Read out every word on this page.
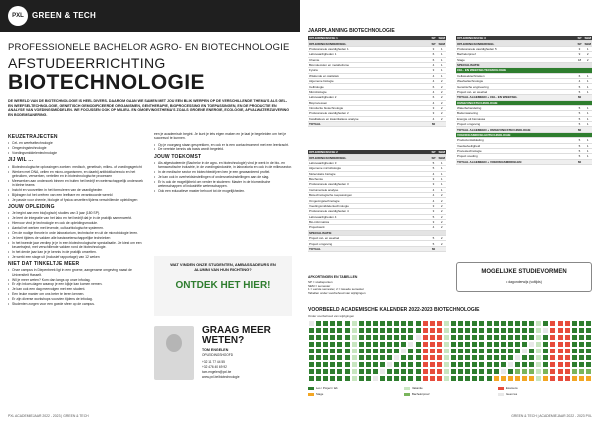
PXL	GREEN & TECH
PROFESSIONELE BACHELOR AGRO- EN BIOTECHNOLOGIE
AFSTUDEERRICHTING
BIOTECHNOLOGIE
DE WERELD VAN DE BIOTECHNOLOGIE IS HEEL DIVERS. DAAROM GAAN WE SAMEN MET JOU EEN BLIK WERPEN OP DE VERSCHILLENDE THEMA'S ALS GEL- EN WEEFSELTECHNOLOGIE, GENETISCH GEMODIFICEERDE ORGANISMEN, GENTHERAPIE, BIOPROCESSING EN TOEPASSINGEN, EN DE PRODUCTIE EN ANALYSE VAN VOEDINGSMIDDELEN. WE FOCUSSEN OOK OP MILIEU- EN OMGEVINGSTHEMA'S ZOALS GROENE ENERGIE, ECOLOGIE, AFVALWATERZUIVERING EN BODEMSANERING.
KEUZETRAJECTEN
• Cel- en weefseltechnologie
• Omgevingstechnologie
• Voedingsmiddelentechnologie
JIJ WIL ...
• Biotechnologische oplossingen zoeken: medisch, genetisch, milieu- of voedingsgericht
• Werken met DNA, cellen en micro-organismen, en daarbij antibiotika/rexcio en het gebruiken, verwerken, vertellen en in biotechnologische processen
• Meewerken aan onderzoek binnen en buiten het bedrijf en wetenschappelijk onderzoek in kleine teams
• Inzicht en voorzetten in het formuleren van de vaardigheden
• Bijdragen tot het creëren van een leefbare en verantwoorde wereld
• Je passie voor chemie, biologie of fysica omzetten tijdens verschillende opleidingen
JOUW OPLEIDING
• Je begint aan een bio(logisch) studies van 3 jaar (180 SP).
• Je leert de integratie van het labo en het bedrijf dat je in de praktijk samenwerkt.
• Hiervoor vind je technologie en ook de opleidingsmodule.
• Aantal het werken met levende, cultuurbiologische systemen.
• Om de nodige theorie in orde laboratorium, technische en uit de microbiologie leren.
• Je leert tijdens de vakken alle basiswetenschappelijke technieken
• In het tweede jaar verdiep je je in een biotechnologische specialisatie. Je kiest om een keuzetraject, met verschillende vakken rond de biotechnologie.
• In het derde jaar kan je je kennis in de praktijk omzetten.
• Je werkt een stage uit (inclusief rapportage) van 12 weken
NIET DAT TINKELTJE MEER
• Onze campus in Diepenbeek ligt in een groene, aangename omgeving naast de Universiteit Hasselt.
• Wil je meer weten? Kom dan langs op onze infodag.
• Er zijn inkom-dagen waarop je een kijkje kan komen nemen.
• Je kan ook een dag meevolgen met een student.
• Een leuke manier om ons beter te leren kennen.
• Er zijn diverse workshops voorzien tijdens de infodag.
• Studenten zorgen voor een goede sfeer op de campus.

een je academisch begint. Je kunt je iets eigen maken en je laat je begeleiden om het je succesvol te kunnen.

• Op je voorgang staan gesprekken, en ook er is een contactmoment met een leerkracht.
• De vereiste kennis als basis wordt begeleid.
JOUW TOEKOMST
• Als afgestudeerde (Bachelor in de agro- en biotechnologie) vind je werk in de bio- en farmaceutische industrie, in de voedingsindustrie, in laboratoria en ook in de milieusector.
• In de medische sector en biotechbedrijven ben je een gewaardeerd profiel.
• Je kan ook in overheidsinstellingen of onderzoeksinstellingen aan de slag.
• Er is ook de mogelijkheid om verder te studeren: Master in de biomedische wetenschappen of industriële wetenschappen.
• Ook een educatieve master behoort tot de mogelijkheden.
WAT VINDEN ONZE STUDENTEN, AMBASSADEURS EN ALUMNI VAN HUN RICHTING?
ONTDEK HET HIER!
GRAAG MEER WETEN?
TOM ENGELEN
OPLEIDINGSHOOFD
+32 11 77 44 55
+32 476 40 69 92
tom.engelen@pxl.be
www.pxl.be/biotechnologie
PXL ACADEMIEJAAR 2022 - 2023 | GREEN & TECH
JAARPLANNING BIOTECHNOLOGIE
OPLEIDINGSFASE 1	SP	SEM
OPLEIDINGSONDERDEEL	SP	SEM
Professionele vaardigheden 1	3	1
Labovaardigheden 1	6	1
Chemie	6	1
Biomoleculen en metabolisme	4	1
Fysica	3	1
Wiskunde en statistiek	4	1
Algemene biologie	4	2
Celbiologie	6	2
Microbiologie	4	2
Labovaardigheden 2	6	2
Bioprocessen	4	2
Introductie biotechnologie	3	2
Professionele vaardigheden 2	3	2
Kwalitatieve en kwantitatieve analyse	4	2
TOTAAL	60	
OPLEIDINGSFASE 2	SP	SEM
OPLEIDINGSONDERDEEL	SP	SEM
Labovaardigheden 3	5	1
Algemene microbiologie	5	1
Moleculaire biologie	4	1
Biochemie	3	1
Professionele vaardigheden 3	3	1
Instrumentele analyse	4	1
Biotechnologische toepassingen	4	2
Omgevingstechnologie	4	2
Voedingsmiddelentechnologie	3	2
Professionele vaardigheden 4	3	2
Labovaardigheden 4	5	2
Bio-informatica	3	2
Projectwerk	4	2
SPECIALISATIE		
Project cel- en weefsel	5	2
Project omgeving	5	2
TOTAAL	60	
OPLEIDINGSFASE 3	SP	SEM
OPLEIDINGSONDERDEEL	SP	SEM
Professionele vaardigheden 5	3	1
Bachelorproef	9	2
Stage	18	2
SPECIALISATIE		
CEL- EN WEEFSELTECHNOLOGIE		
Celkweektechnieken	6	1
Weefseltechnologie	4	1
Genetische engineering	5	1
Project cel- en weefsel	5	1
TOTAAL ALGEMEEN + CEL- EN WEEFSEL	60	
OMGEVINGSTECHNOLOGIE		
Waterbehandeling	5	1
Bodemsanering	5	1
Energie uit biomassa	5	1
Project omgeving	5	1
TOTAAL ALGEMEEN + OMGEVINGSTECHNOLOGIE	60	
VOEDINGSMIDDELENTECHNOLOGIE		
Productontwikkeling	5	1
Voedselveiligheid	5	1
Procestechnologie	5	1
Project voeding	5	1
TOTAAL ALGEMEEN + VOEDINGSMIDDELEN	60	
AFKORTINGEN EN TABELLEN
SP = studiepunten
SEM = semester
1 = eerste semester, 2 = tweede semester
Tabellen onder voorbehoud van wijzigingen
MOGELIJKE STUDIEVORMEN
• dagonderwijs (voltijds)
VOORBEELD ACADEMISCHE KALENDER 2022-2023 BIOTECHNOLOGIE
Onder voorbehoud van wijzigingen
Les / Project / lab	Vakantie	Examens
Stage	Bachelorproef	Geen les
GREEN & TECH | ACADEMIEJAAR 2022 - 2023 PXL
